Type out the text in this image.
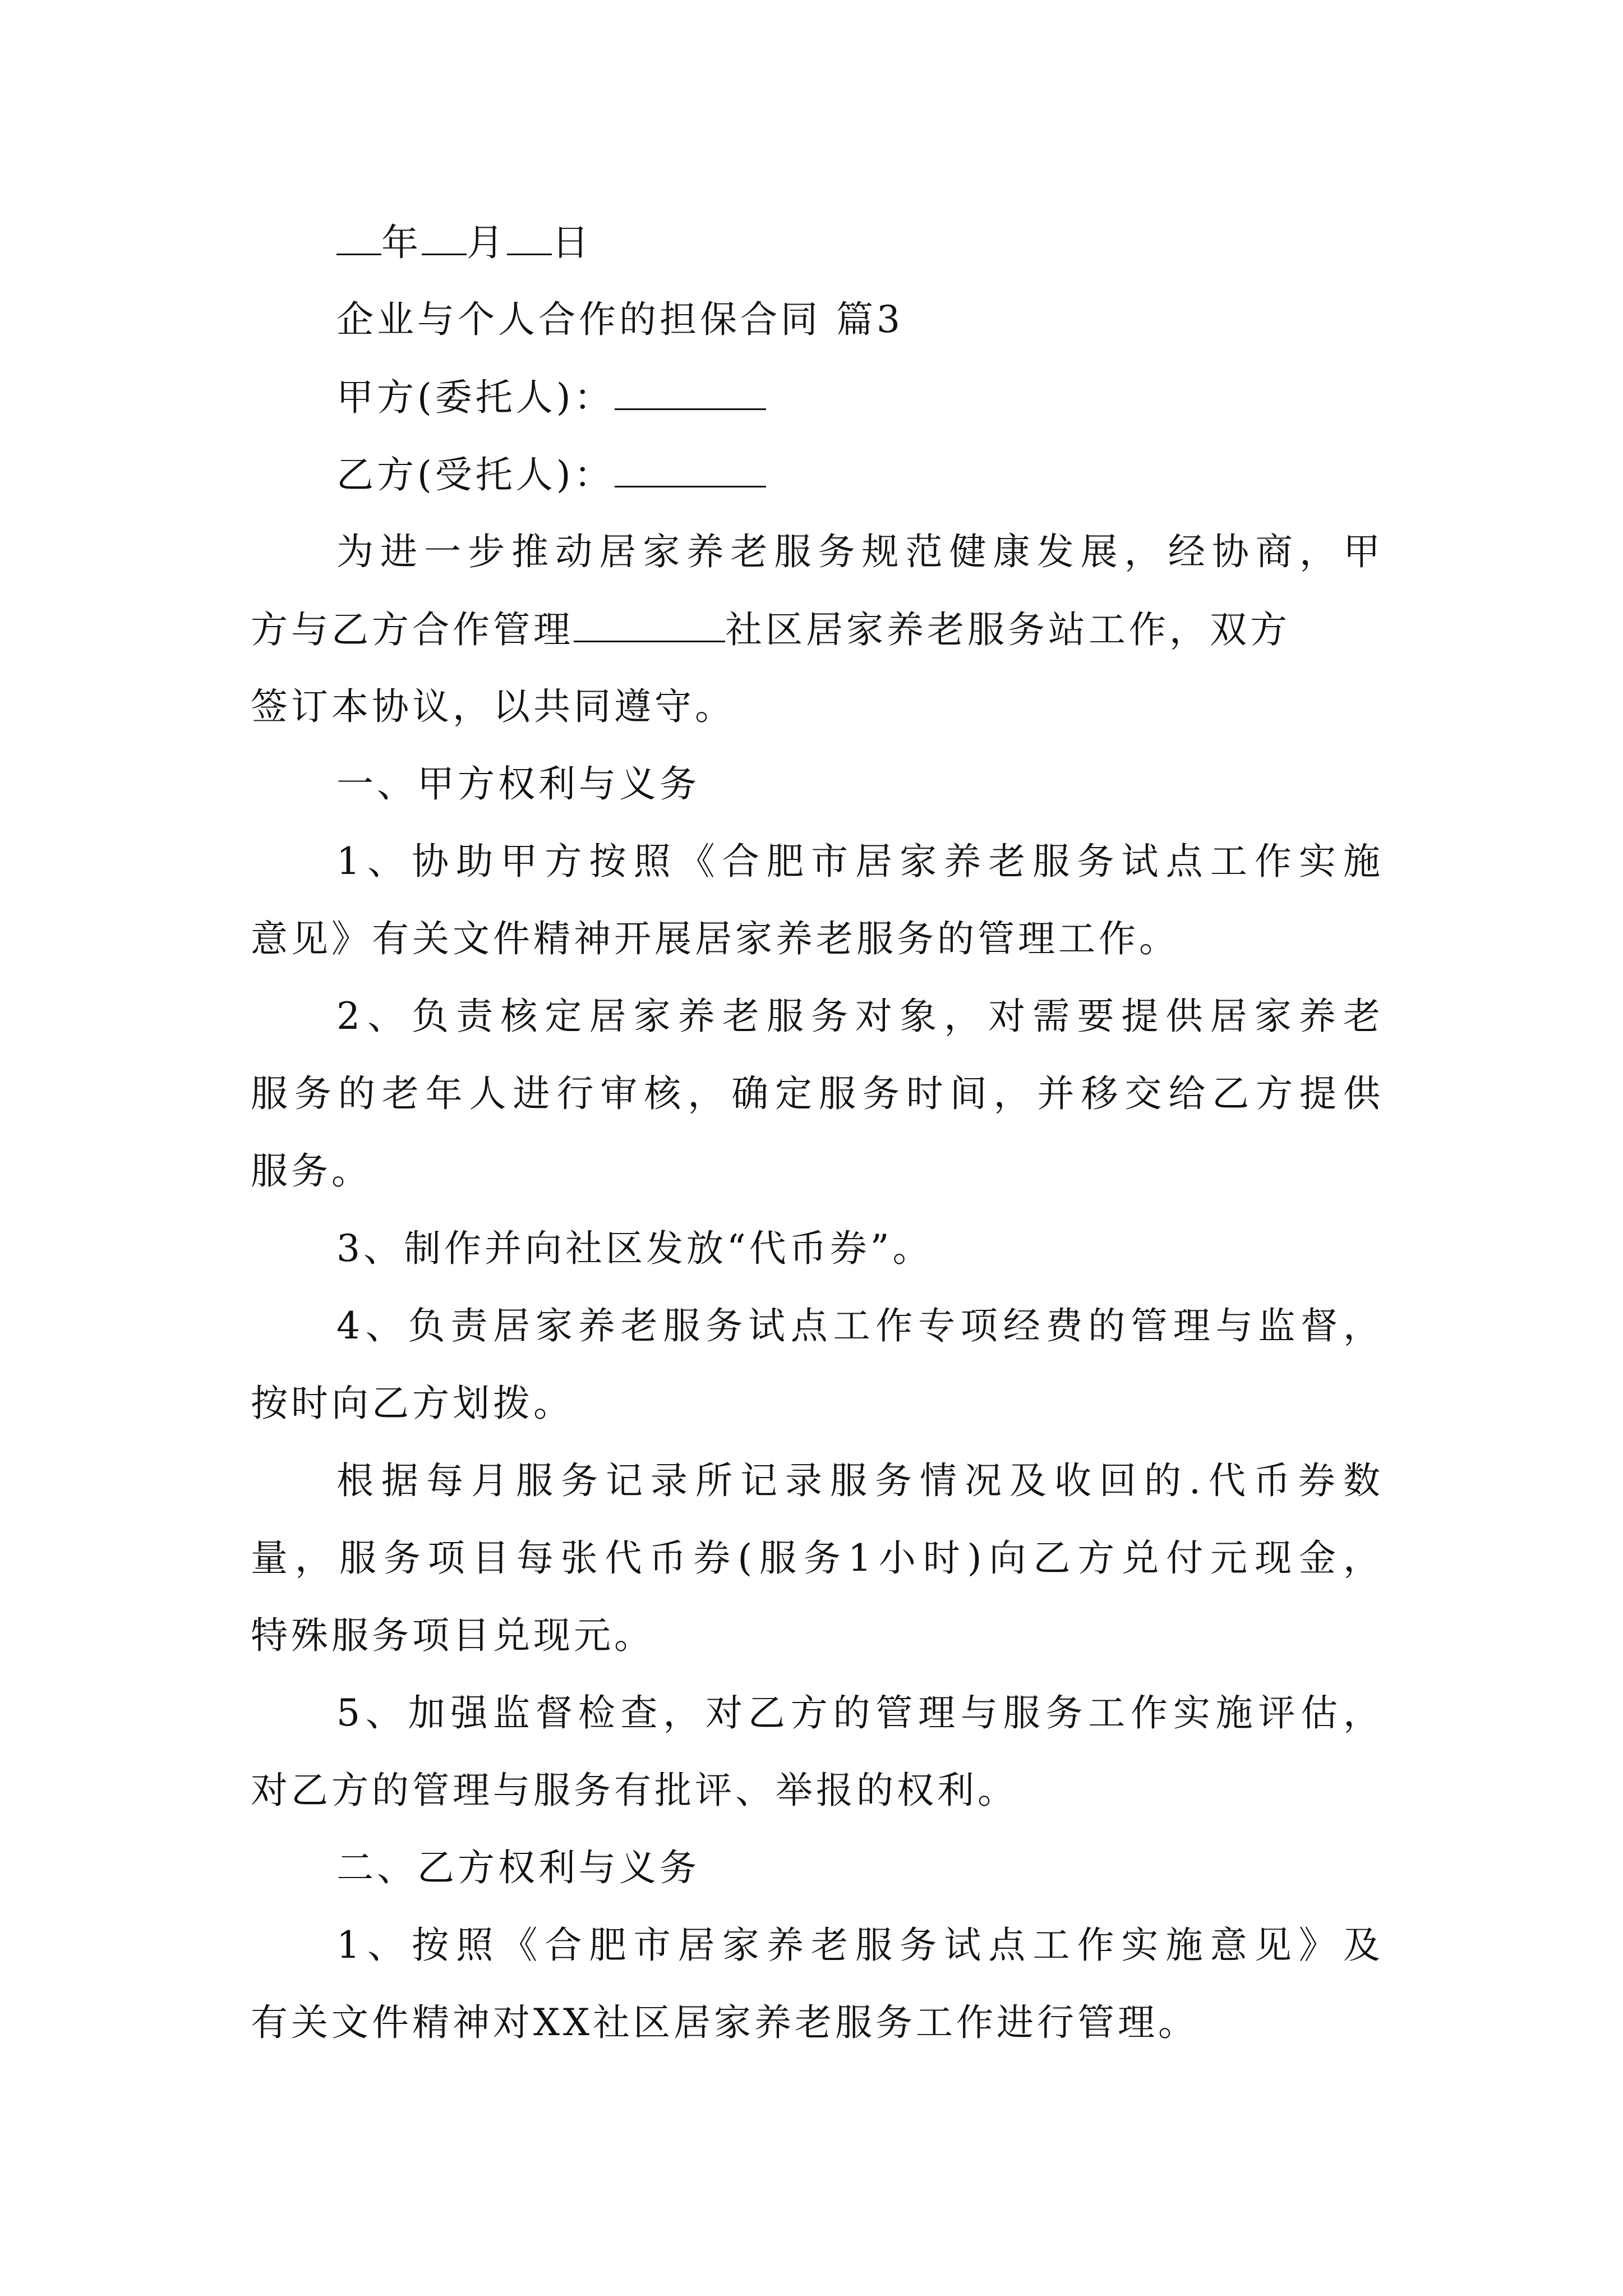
年 月 日
企业与个人合作的担保合同 篇3
甲方(委托人)：
乙方(受托人)：
为进一步推动居家养老服务规范健康发展，经协商，甲
方与乙方合作管理	社区居家养老服务站工作，双方
签订本协议，以共同遵守。
一、甲方权利与义务
1、协助甲方按照《合肥市居家养老服务试点工作实施
意见》有关文件精神开展居家养老服务的管理工作。
2、负责核定居家养老服务对象，对需要提供居家养老
服务的老年人进行审核，确定服务时间，并移交给乙方提供
服务。
3、制作并向社区发放“代币券”。
4、负责居家养老服务试点工作专项经费的管理与监督，
按时向乙方划拨。
根据每月服务记录所记录服务情况及收回的.代币券数
量，服务项目每张代币券(服务1小时)向乙方兑付元现金，
特殊服务项目兑现元。
5、加强监督检查，对乙方的管理与服务工作实施评估，
对乙方的管理与服务有批评、举报的权利。
二、乙方权利与义务
1、按照《合肥市居家养老服务试点工作实施意见》及
有关文件精神对XX社区居家养老服务工作进行管理。
